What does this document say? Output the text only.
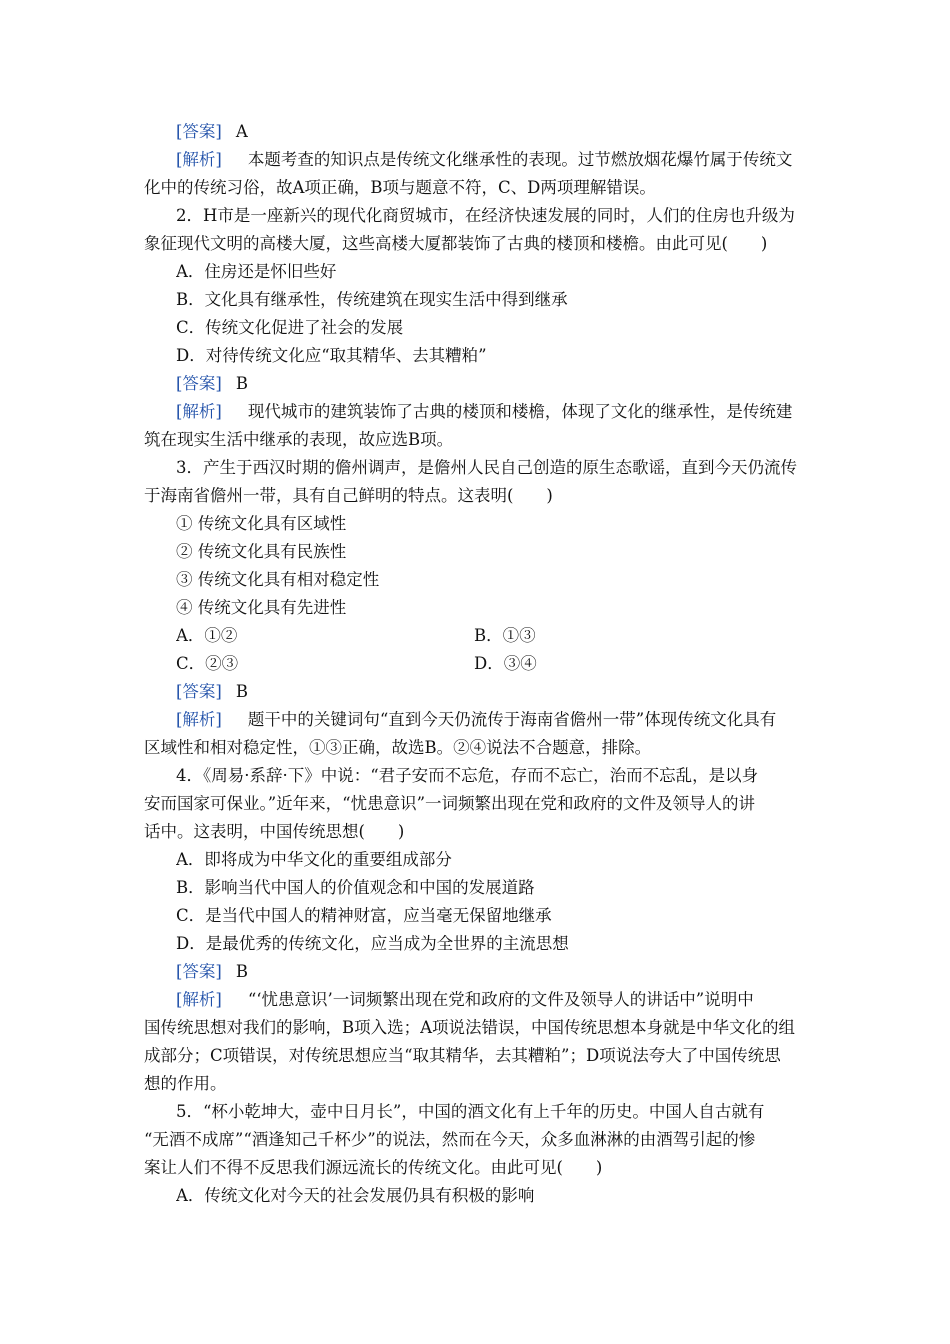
[答案] A
[解析] 本题考查的知识点是传统文化继承性的表现。过节燃放烟花爆竹属于传统文
化中的传统习俗，故A项正确，B项与题意不符，C、D两项理解错误。
2．H市是一座新兴的现代化商贸城市，在经济快速发展的同时，人们的住房也升级为
象征现代文明的高楼大厦，这些高楼大厦都装饰了古典的楼顶和楼檐。由此可见(　　)
A．住房还是怀旧些好
B．文化具有继承性，传统建筑在现实生活中得到继承
C．传统文化促进了社会的发展
D．对待传统文化应“取其精华、去其糟粕”
[答案] B
[解析] 现代城市的建筑装饰了古典的楼顶和楼檐，体现了文化的继承性，是传统建
筑在现实生活中继承的表现，故应选B项。
3．产生于西汉时期的儋州调声，是儋州人民自己创造的原生态歌谣，直到今天仍流传
于海南省儋州一带，具有自己鲜明的特点。这表明(　　)
① 传统文化具有区域性
② 传统文化具有民族性
③ 传统文化具有相对稳定性
④ 传统文化具有先进性
A．①②	B．①③
C．②③	D．③④
[答案] B
[解析] 题干中的关键词句“直到今天仍流传于海南省儋州一带”体现传统文化具有
区域性和相对稳定性，①③正确，故选B。②④说法不合题意，排除。
4．《周易·系辞·下》中说：“君子安而不忘危，存而不忘亡，治而不忘乱，是以身
安而国家可保业。”近年来，“忧患意识”一词频繁出现在党和政府的文件及领导人的讲
话中。这表明，中国传统思想(　　)
A．即将成为中华文化的重要组成部分
B．影响当代中国人的价值观念和中国的发展道路
C．是当代中国人的精神财富，应当毫无保留地继承
D．是最优秀的传统文化，应当成为全世界的主流思想
[答案] B
[解析] “‘忧患意识’一词频繁出现在党和政府的文件及领导人的讲话中”说明中
国传统思想对我们的影响，B项入选；A项说法错误，中国传统思想本身就是中华文化的组
成部分；C项错误，对传统思想应当“取其精华，去其糟粕”；D项说法夸大了中国传统思
想的作用。
5．“杯小乾坤大，壶中日月长”，中国的酒文化有上千年的历史。中国人自古就有
“无酒不成席”“酒逢知己千杯少”的说法，然而在今天，众多血淋淋的由酒驾引起的惨
案让人们不得不反思我们源远流长的传统文化。由此可见(　　)
A．传统文化对今天的社会发展仍具有积极的影响
